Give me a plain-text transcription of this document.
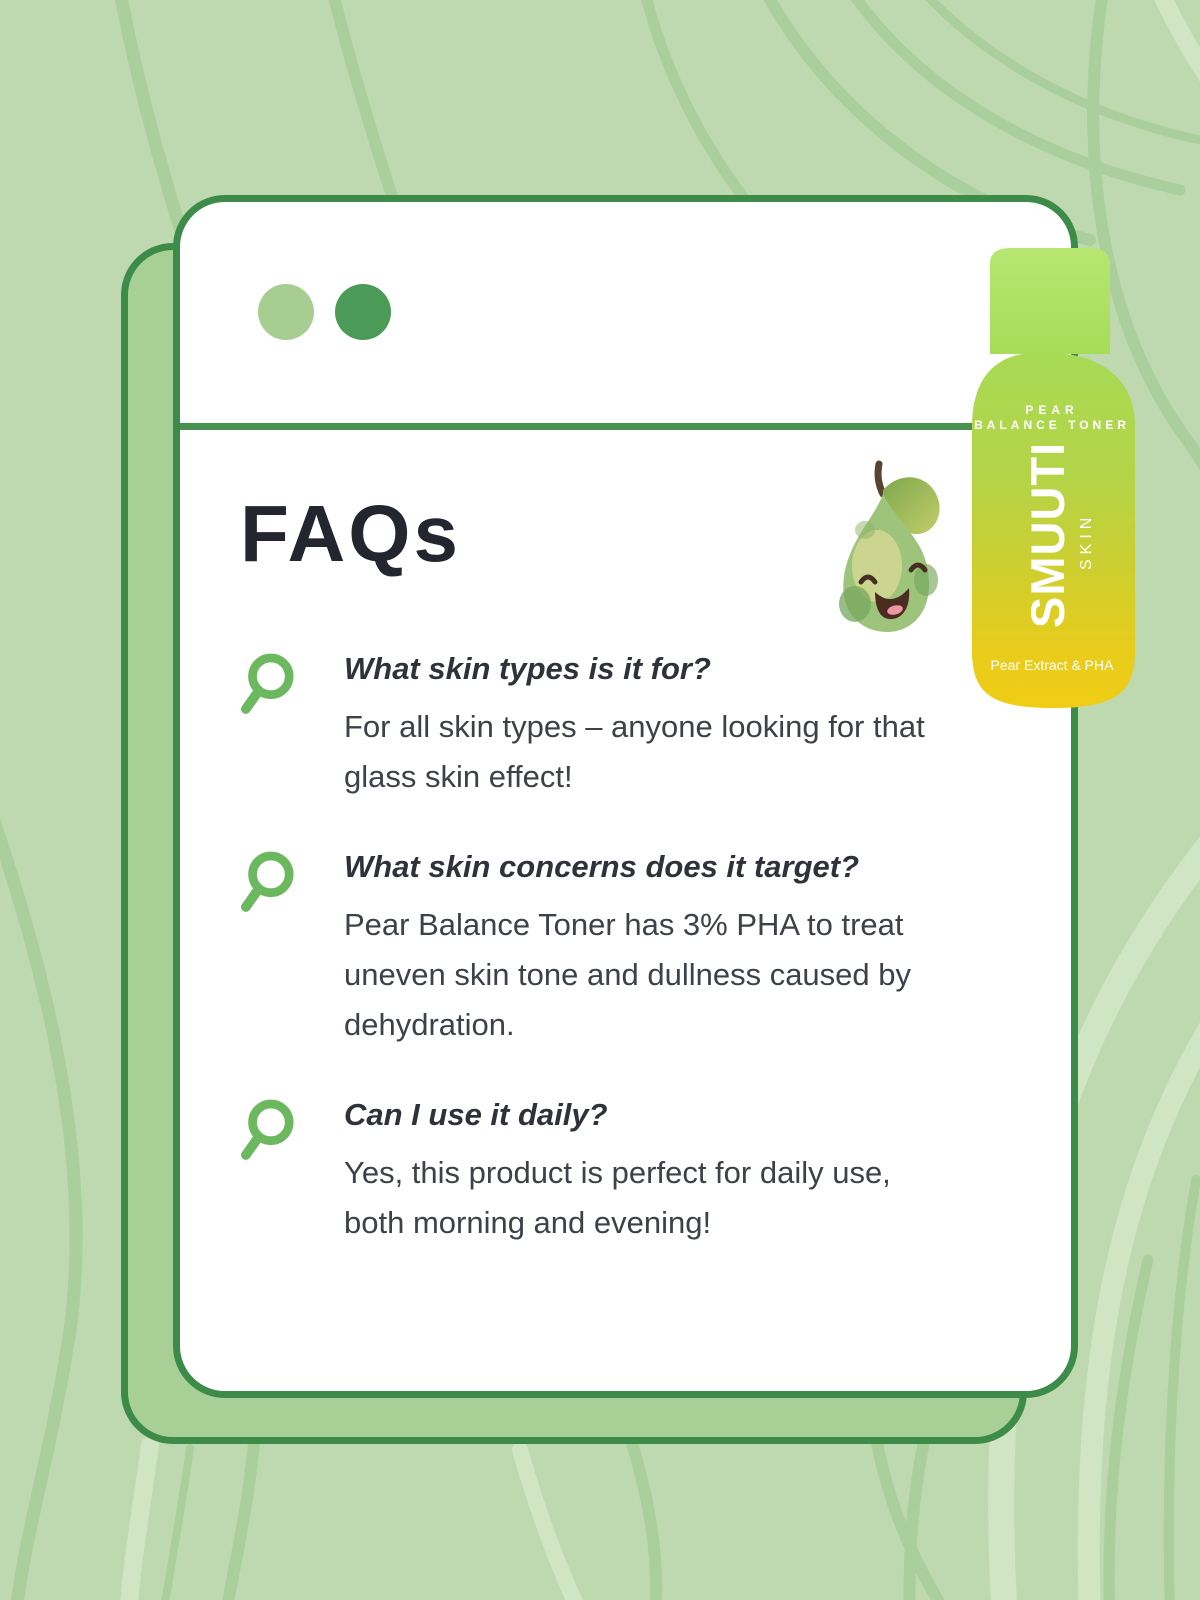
FAQs

What skin types is it for?

For all skin types – anyone looking for that glass skin effect!

What skin concerns does it target?

Pear Balance Toner has 3% PHA to treat uneven skin tone and dullness caused by dehydration.

Can I use it daily?

Yes, this product is perfect for daily use, both morning and evening!

PEAR
BALANCE TONER
SMUUTI SKIN
Pear Extract & PHA
